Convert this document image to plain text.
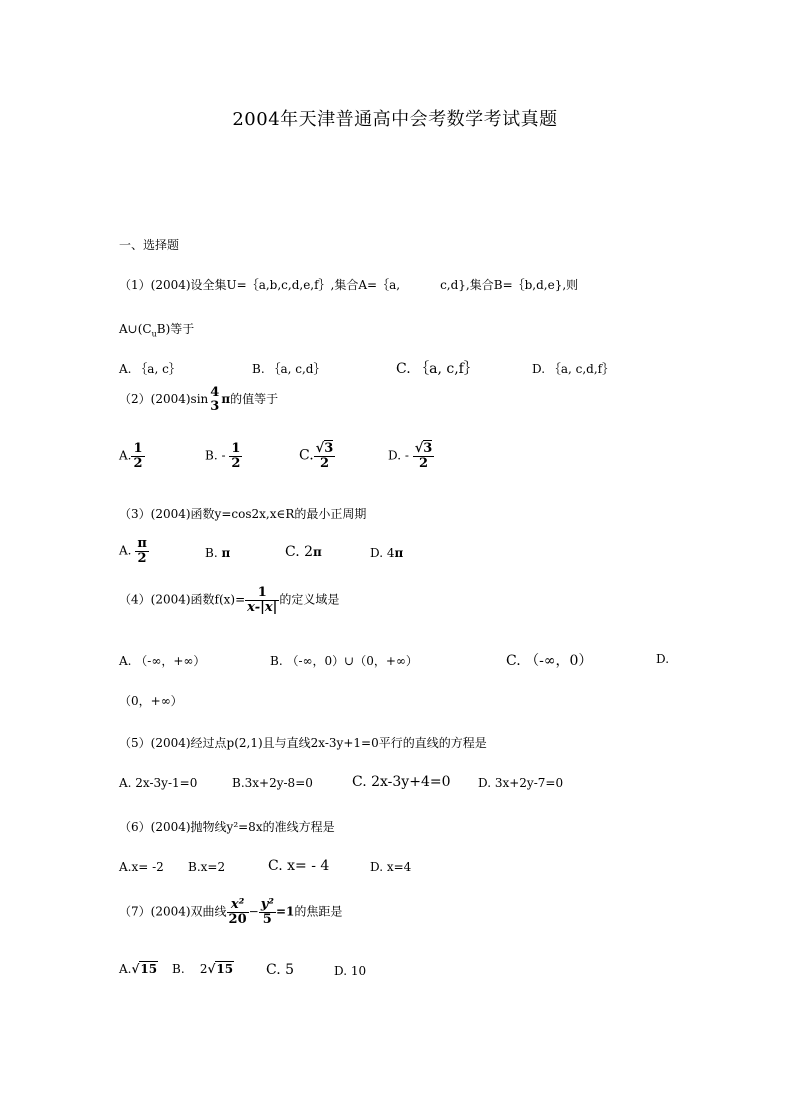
2004年天津普通高中会考数学考试真题
一、选择题
（1）(2004)设全集U=｛a,b,c,d,e,f｝,集合A=｛a,	c,d},集合B=｛b,d,e},则
$A\cup(C_uB)$等于
A. ｛a, c｝	B. ｛a, c,d｝	C. ｛a, c,f｝	D. ｛a, c,d,f｝
（2）(2004)sin 4
3 π的值等于
A. $\frac{1}{2}$	B. - $\frac{1}{2}$	C. $\frac{√3}{2}$	D. - $\frac{√3}{2}$
（3）(2004)函数y=cos2x,x∈R的最小正周期
A. $\frac{\pi}{2}$	B. π	C. 2π	D. 4π
（4）(2004)函数$f(x)= \frac{1}{x-|x|}$ 的定义域是
A. （-∞，+∞）	B. （-∞，0）∪（0，+∞）	C. （-∞，0）	D.
（0，+∞）
（5）(2004)经过点p(2,1)且与直线2x-3y+1=0平行的直线的方程是
A. 2x-3y-1=0	B.3x+2y-8=0	C. 2x-3y+4=0 D. 3x+2y-7=0
（6）(2004)抛物线y²=8x的准线方程是
A.x= -2 B.x=2	C. x= - 4	D. x=4
（7）(2004)双曲线 $\frac{\text{x²}}{20} - \frac{\text{y²}}{5} =1$的焦距是
A.√15 B.    2√15 C. 5	D. 10
